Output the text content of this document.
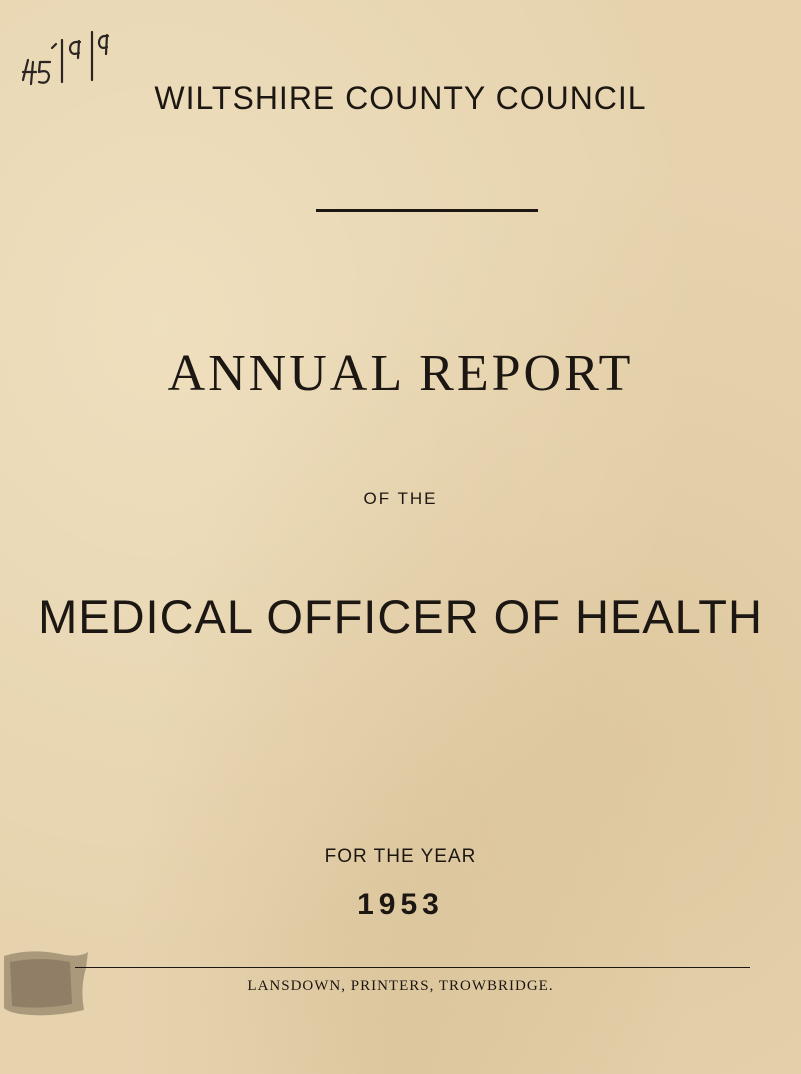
WILTSHIRE COUNTY COUNCIL
ANNUAL REPORT
OF THE
MEDICAL OFFICER OF HEALTH
FOR THE YEAR
1953
LANSDOWN, PRINTERS, TROWBRIDGE.
